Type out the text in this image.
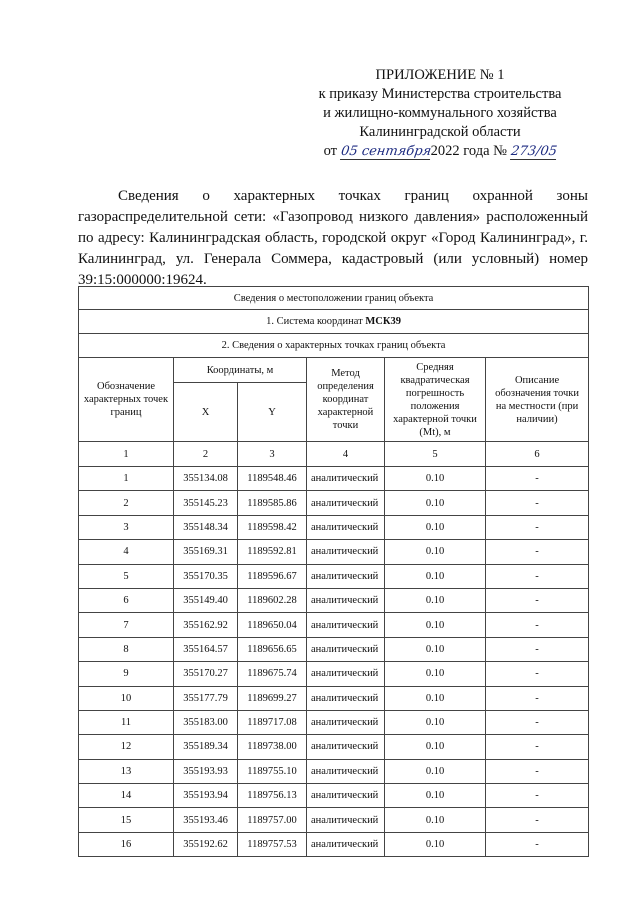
ПРИЛОЖЕНИЕ № 1
к приказу Министерства строительства
и жилищно-коммунального хозяйства
Калининградской области
от 05 сентября2022 года № 273/05
Сведения о характерных точках границ охранной зоны газораспределительной сети: «Газопровод низкого давления» расположенный по адресу: Калининградская область, городской округ «Город Калининград», г. Калининград, ул. Генерала Соммера, кадастровый (или условный) номер 39:15:000000:19624.
Сведения о местоположении границ объекта					
1. Система координат МСК39					
2. Сведения о характерных точках границ объекта					
Обозначение характерных точек границ	Координаты, м		Метод определения координат характерной точки	Средняя квадратическая погрешность положения характерной точки (Mt), м	Описание обозначения точки на местности (при наличии)
	X	Y			
1	2	3	4	5	6
1	355134.08	1189548.46	аналитический	0.10	-
2	355145.23	1189585.86	аналитический	0.10	-
3	355148.34	1189598.42	аналитический	0.10	-
4	355169.31	1189592.81	аналитический	0.10	-
5	355170.35	1189596.67	аналитический	0.10	-
6	355149.40	1189602.28	аналитический	0.10	-
7	355162.92	1189650.04	аналитический	0.10	-
8	355164.57	1189656.65	аналитический	0.10	-
9	355170.27	1189675.74	аналитический	0.10	-
10	355177.79	1189699.27	аналитический	0.10	-
11	355183.00	1189717.08	аналитический	0.10	-
12	355189.34	1189738.00	аналитический	0.10	-
13	355193.93	1189755.10	аналитический	0.10	-
14	355193.94	1189756.13	аналитический	0.10	-
15	355193.46	1189757.00	аналитический	0.10	-
16	355192.62	1189757.53	аналитический	0.10	-
